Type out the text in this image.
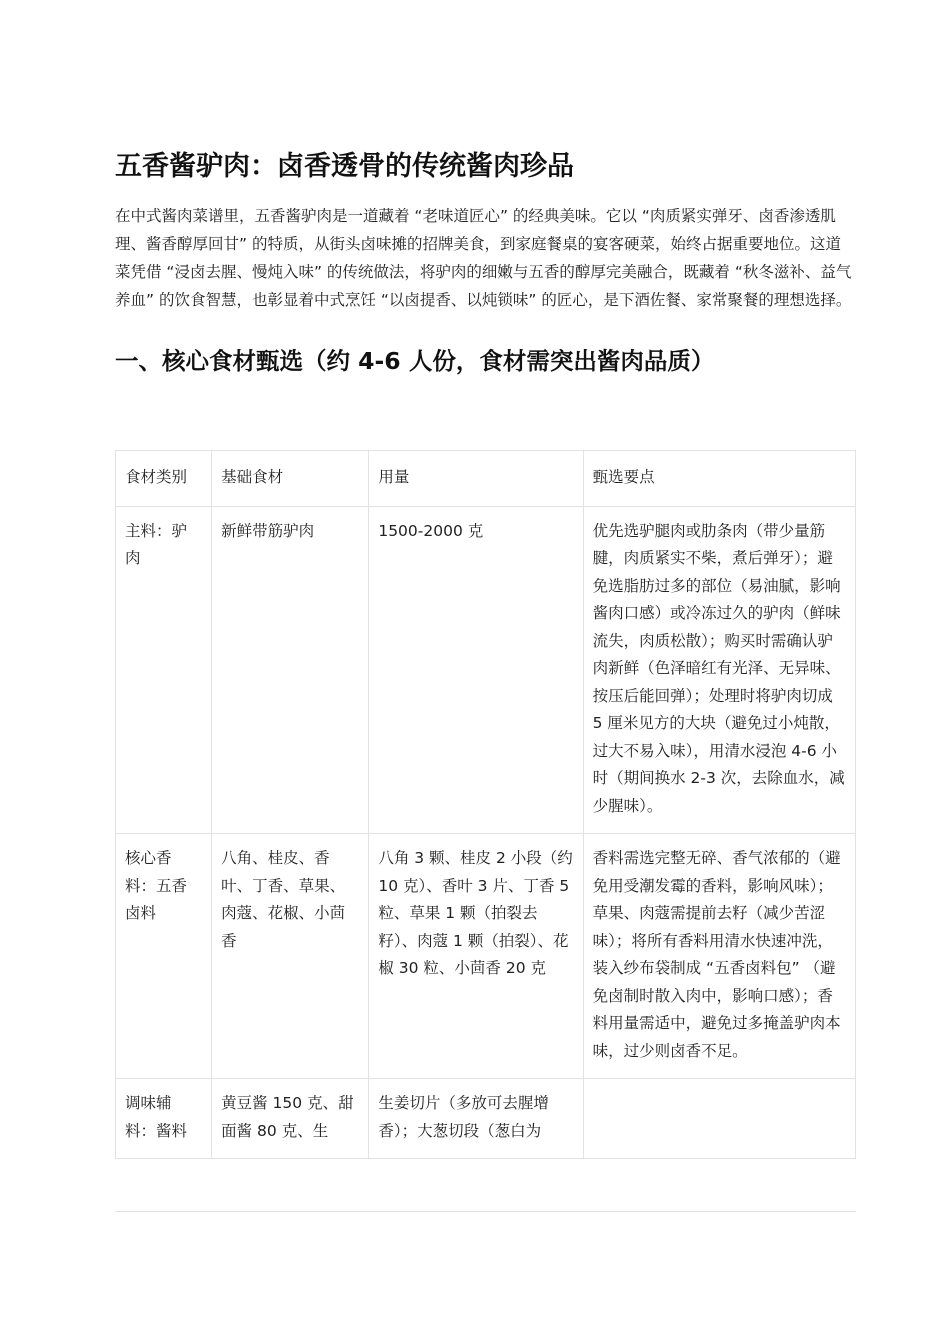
五香酱驴肉：卤香透骨的传统酱肉珍品

在中式酱肉菜谱里，五香酱驴肉是一道藏着 “老味道匠心” 的经典美味。它以 “肉质紧实弹牙、卤香渗透肌理、酱香醇厚回甘” 的特质，从街头卤味摊的招牌美食，到家庭餐桌的宴客硬菜，始终占据重要地位。这道菜凭借 “浸卤去腥、慢炖入味” 的传统做法，将驴肉的细嫩与五香的醇厚完美融合，既藏着 “秋冬滋补、益气养血” 的饮食智慧，也彰显着中式烹饪 “以卤提香、以炖锁味” 的匠心，是下酒佐餐、家常聚餐的理想选择。

一、核心食材甄选（约 4-6 人份，食材需突出酱肉品质）
食材类别	基础食材	用量	甄选要点
主料：驴肉	新鲜带筋驴肉	1500-2000 克	优先选驴腿肉或肋条肉（带少量筋腱，肉质紧实不柴，煮后弹牙）；避免选脂肪过多的部位（易油腻，影响酱肉口感）或冷冻过久的驴肉（鲜味流失，肉质松散）；购买时需确认驴肉新鲜（色泽暗红有光泽、无异味、按压后能回弹）；处理时将驴肉切成 5 厘米见方的大块（避免过小炖散，过大不易入味），用清水浸泡 4-6 小时（期间换水 2-3 次，去除血水，减少腥味）。
核心香料：五香卤料	八角、桂皮、香叶、丁香、草果、肉蔻、花椒、小茴香	八角 3 颗、桂皮 2 小段（约 10 克）、香叶 3 片、丁香 5 粒、草果 1 颗（拍裂去籽）、肉蔻 1 颗（拍裂）、花椒 30 粒、小茴香 20 克	香料需选完整无碎、香气浓郁的（避免用受潮发霉的香料，影响风味）；草果、肉蔻需提前去籽（减少苦涩味）；将所有香料用清水快速冲洗，装入纱布袋制成 “五香卤料包” （避免卤制时散入肉中，影响口感）；香料用量需适中，避免过多掩盖驴肉本味，过少则卤香不足。
调味辅料：酱料	黄豆酱 150 克、甜面酱 80 克、生	生姜切片（多放可去腥增香）；大葱切段（葱白为	
